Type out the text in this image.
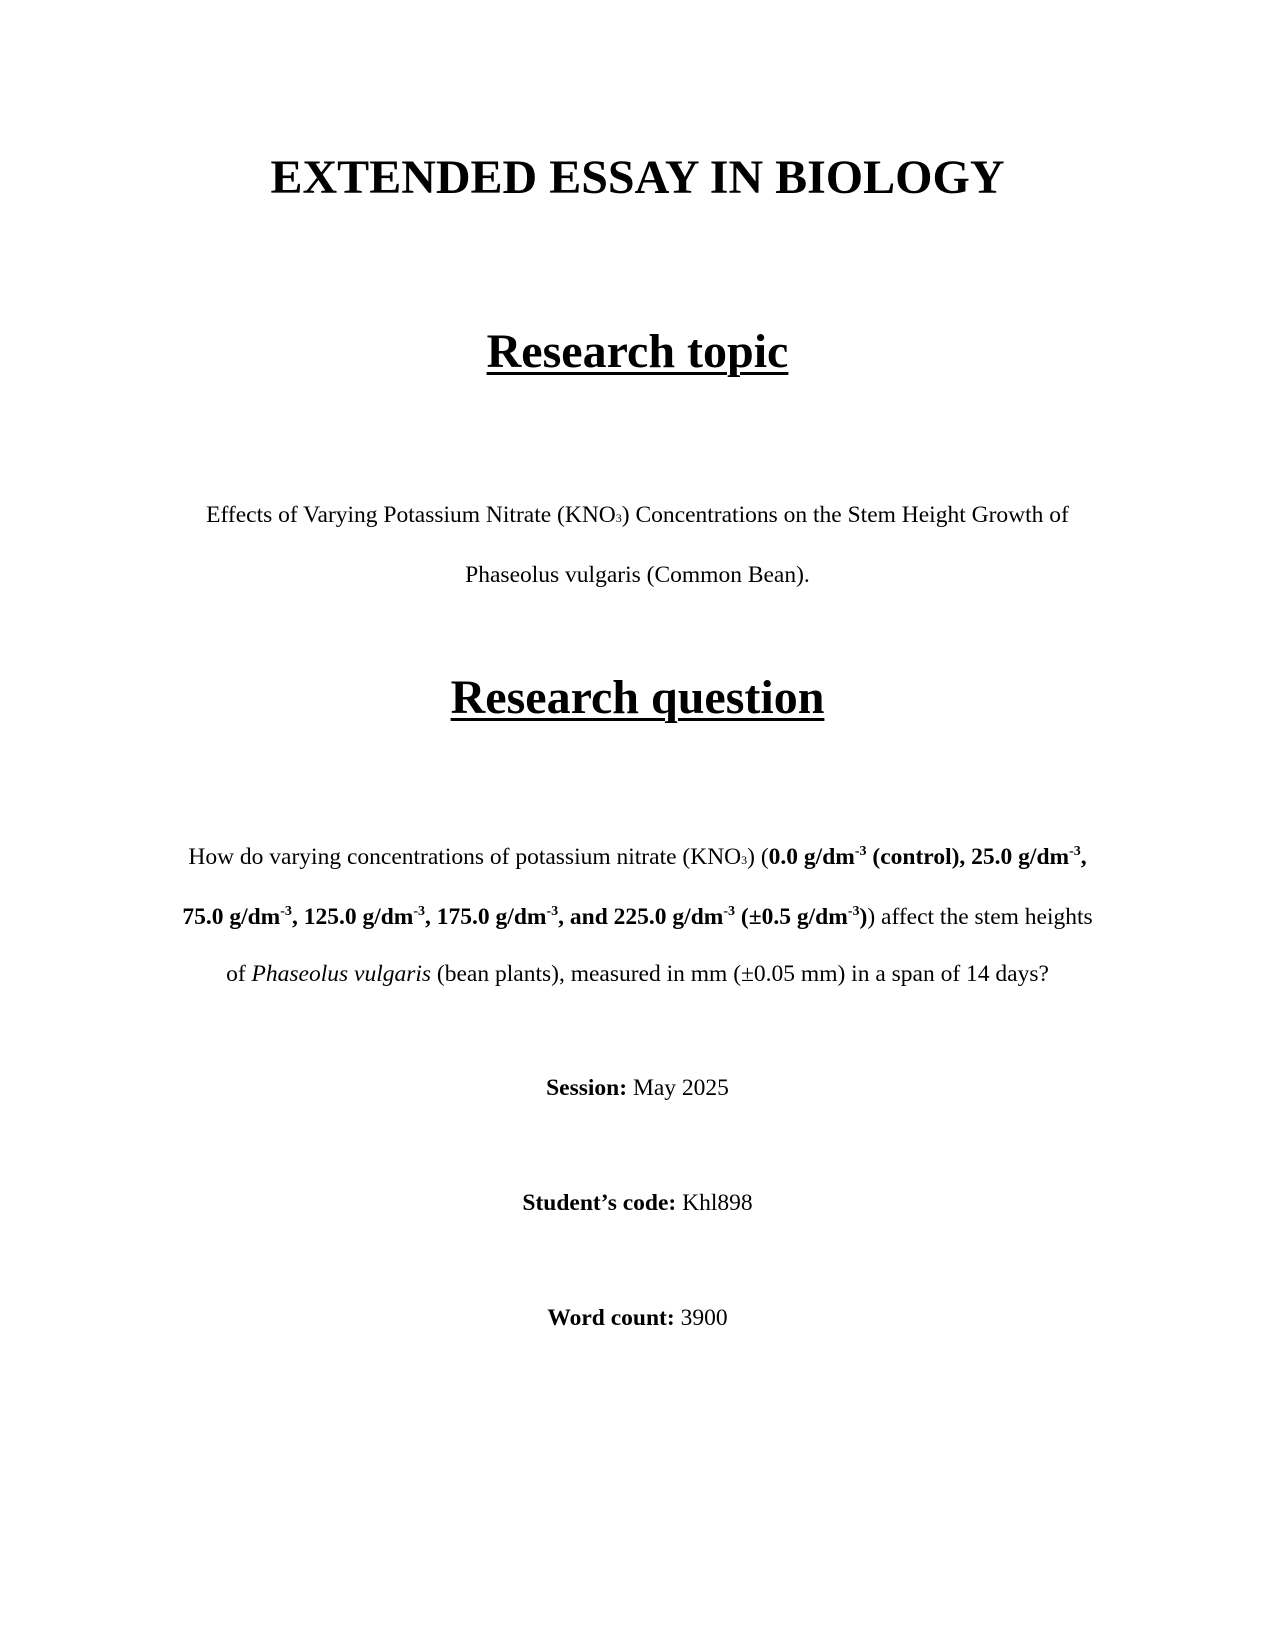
EXTENDED ESSAY IN BIOLOGY
Research topic

Effects of Varying Potassium Nitrate (KNO3) Concentrations on the Stem Height Growth of
Phaseolus vulgaris (Common Bean).

Research question

How do varying concentrations of potassium nitrate (KNO3) (0.0 $g/dm^{-3}$ (control), 25.0 $g/dm^{-3}$,
75.0 $g/dm^{-3}$, 125.0 $g/dm^{-3}$, 175.0 $g/dm^{-3}$, and 225.0 $g/dm^{-3}$ (±0.5 $g/dm^{-3}$)) affect the stem heights
of Phaseolus vulgaris (bean plants), measured in mm (±0.05 mm) in a span of 14 days?

Session: May 2025

Student’s code: Khl898

Word count: 3900
